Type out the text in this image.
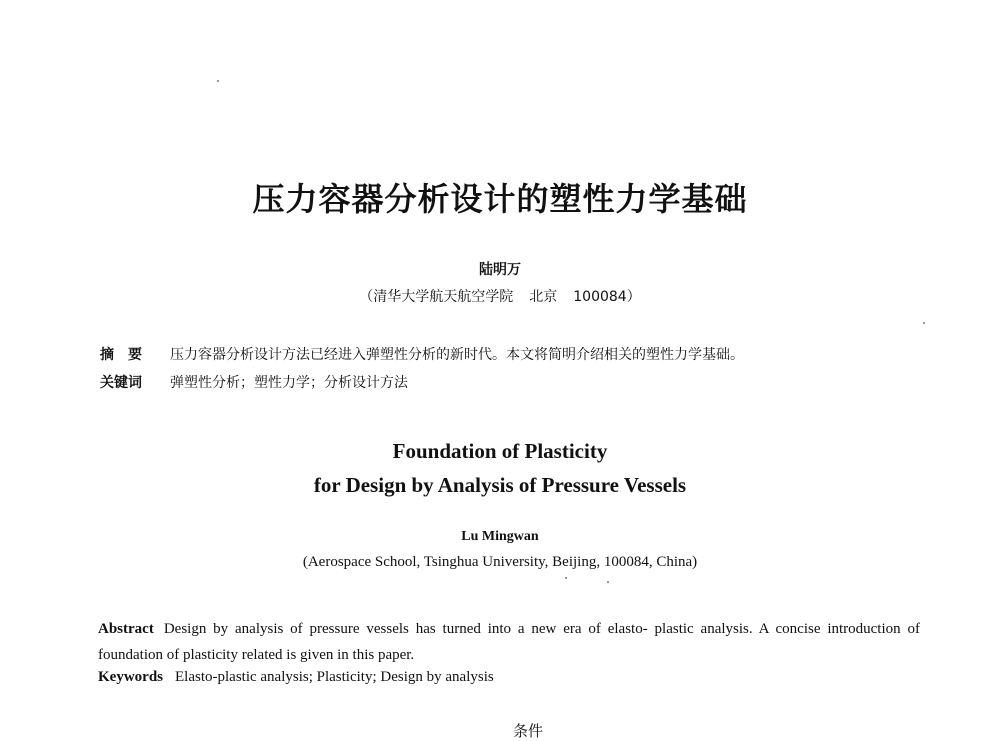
压力容器分析设计的塑性力学基础
陆明万
（清华大学航天航空学院 北京 100084）
摘　要 压力容器分析设计方法已经进入弹塑性分析的新时代。本文将简明介绍相关的塑性力学基础。
关键词 弹塑性分析；塑性力学；分析设计方法
Foundation of Plasticity
for Design by Analysis of Pressure Vessels
Lu Mingwan
(Aerospace School, Tsinghua University, Beijing, 100084, China)
Abstract Design by analysis of pressure vessels has turned into a new era of elasto- plastic analysis. A concise introduction of foundation of plasticity related is given in this paper.
Keywords Elasto-plastic analysis; Plasticity; Design by analysis
条件
